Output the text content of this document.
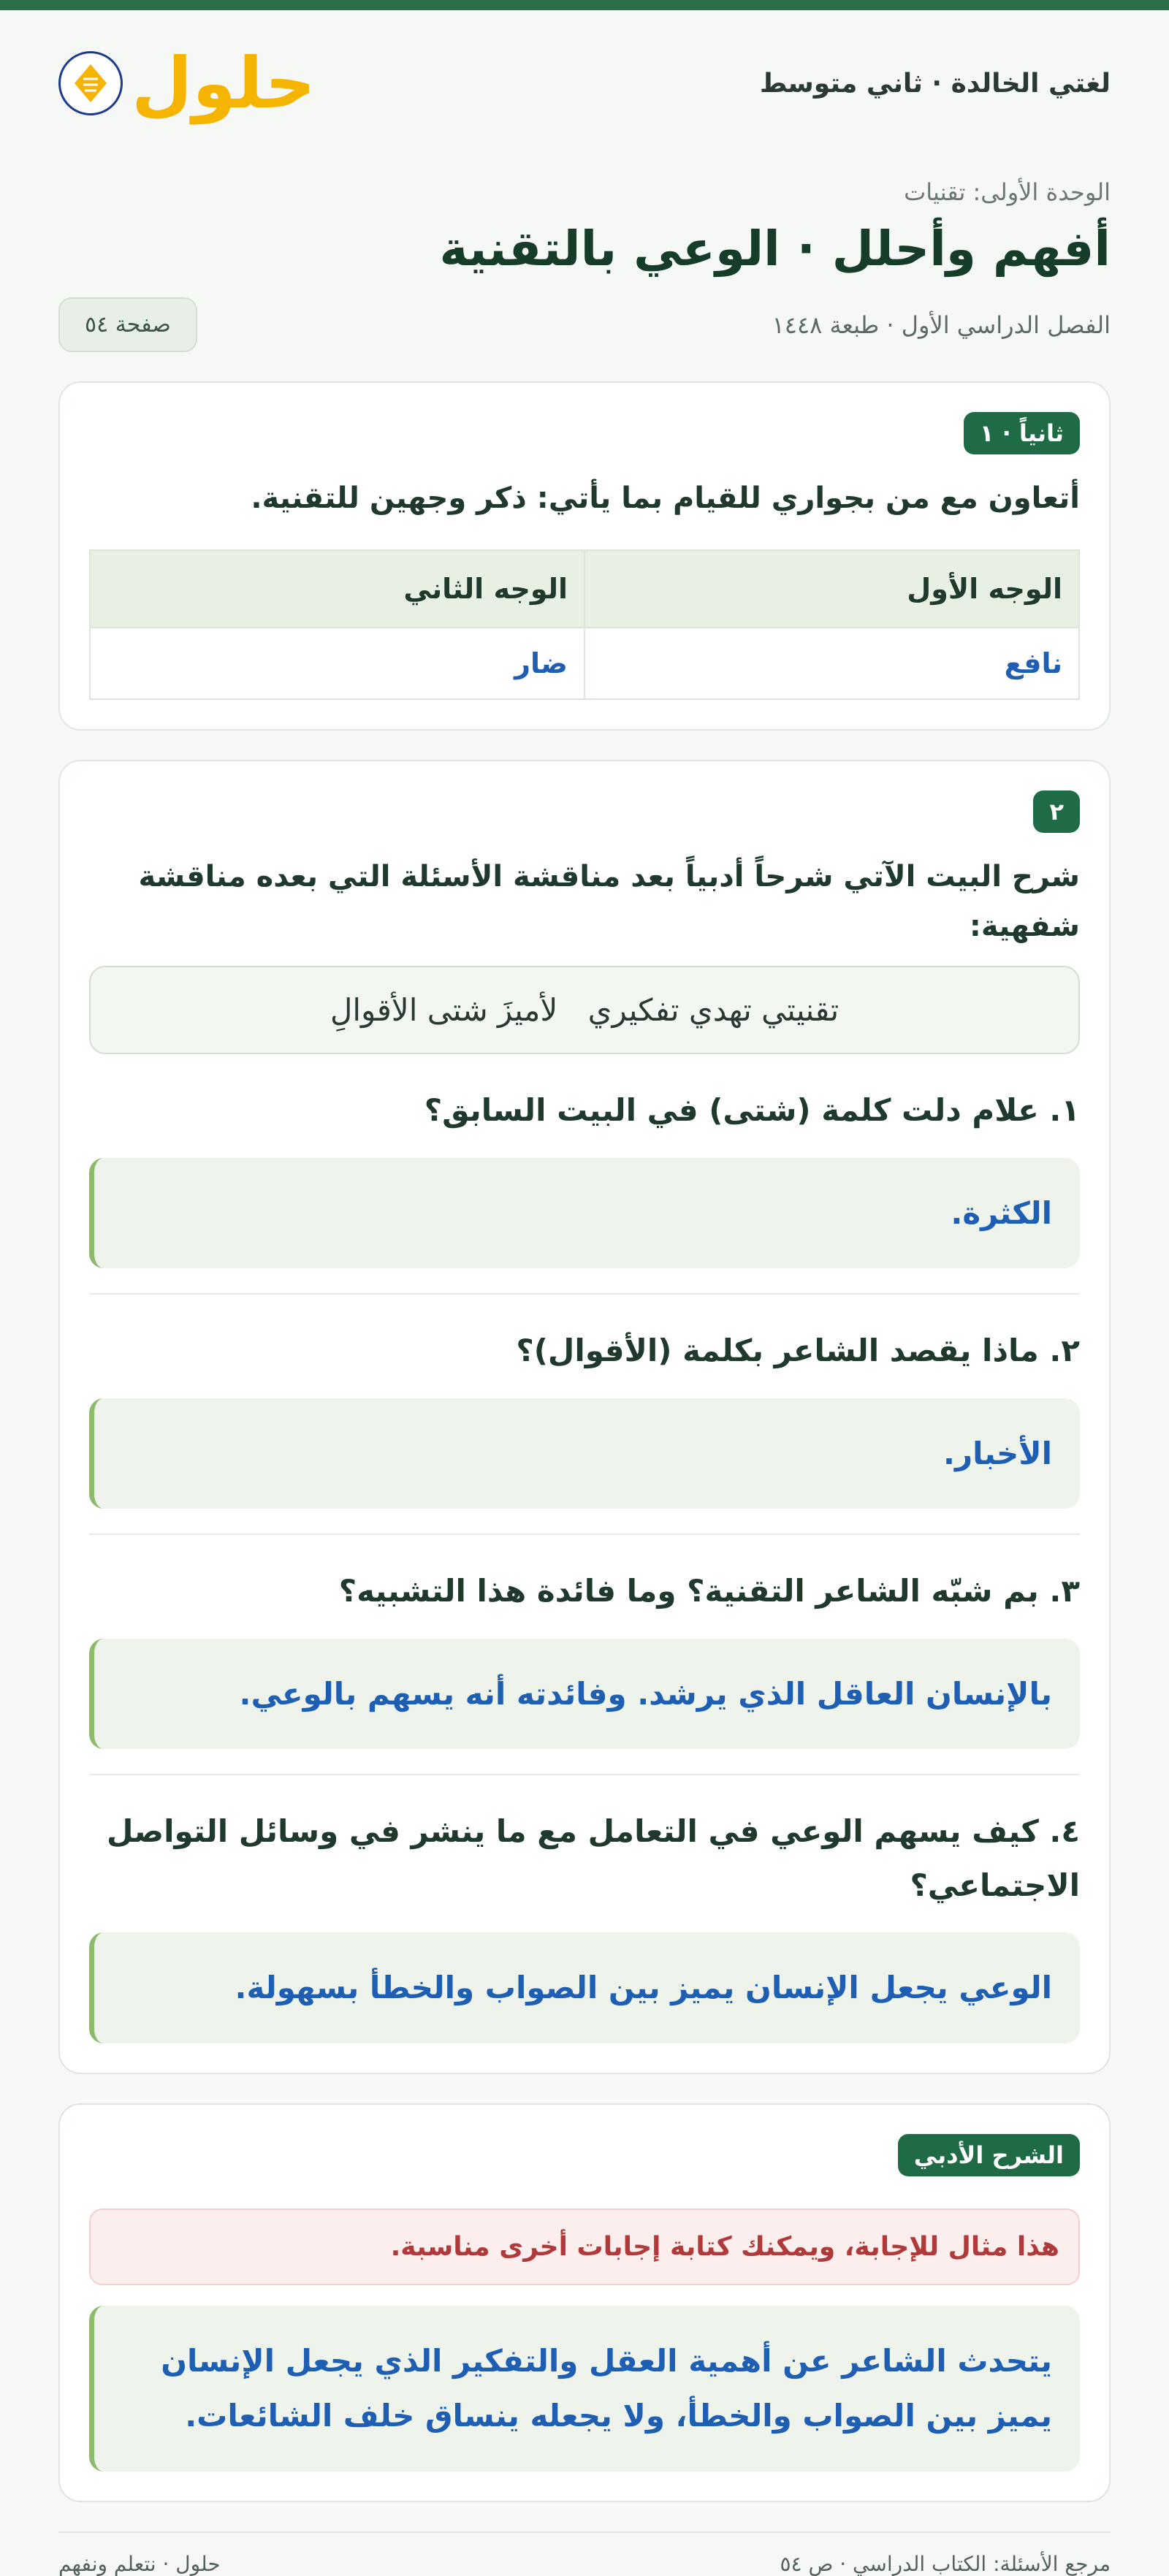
لغتي الخالدة · ثاني متوسط
حلول
الوحدة الأولى: تقنيات
أفهم وأحلل · الوعي بالتقنية
الفصل الدراسي الأول · طبعة ١٤٤٨
صفحة ٥٤
ثانياً · ١
أتعاون مع من بجواري للقيام بما يأتي: ذكر وجهين للتقنية.
الوجه الأول	الوجه الثاني
نافع	ضار
٢
شرح البيت الآتي شرحاً أدبياً بعد مناقشة الأسئلة التي بعده مناقشة شفهية:
تقنيتي تهدي تفكيري لأميزَ شتى الأقوالِ
١. علام دلت كلمة (شتى) في البيت السابق؟
الكثرة.
٢. ماذا يقصد الشاعر بكلمة (الأقوال)؟
الأخبار.
٣. بم شبّه الشاعر التقنية؟ وما فائدة هذا التشبيه؟
بالإنسان العاقل الذي يرشد. وفائدته أنه يسهم بالوعي.
٤. كيف يسهم الوعي في التعامل مع ما ينشر في وسائل التواصل الاجتماعي؟
الوعي يجعل الإنسان يميز بين الصواب والخطأ بسهولة.
الشرح الأدبي
هذا مثال للإجابة، ويمكنك كتابة إجابات أخرى مناسبة.
يتحدث الشاعر عن أهمية العقل والتفكير الذي يجعل الإنسان يميز بين الصواب والخطأ، ولا يجعله ينساق خلف الشائعات.
مرجع الأسئلة: الكتاب الدراسي · ص ٥٤
حلول · نتعلم ونفهم
